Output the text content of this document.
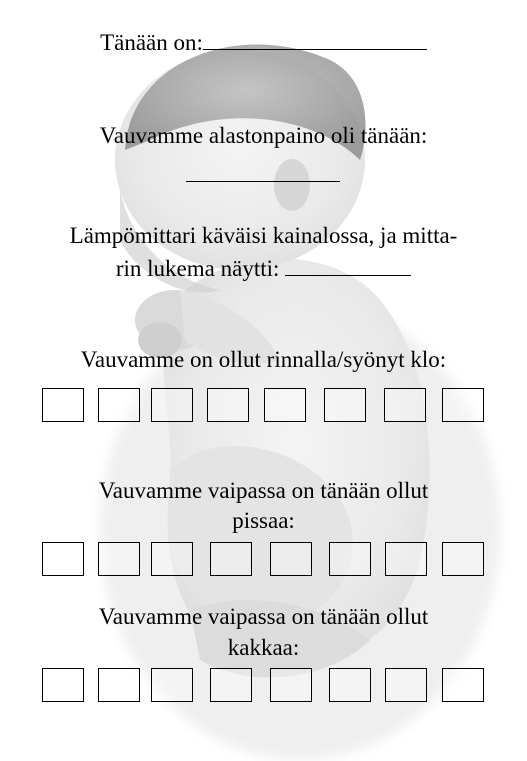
Tänään on:
Vauvamme alastonpaino oli tänään:
Lämpömittari käväisi kainalossa, ja mitta-
rin lukema näytti:
Vauvamme on ollut rinnalla/syönyt klo:
Vauvamme vaipassa on tänään ollut
pissaa:
Vauvamme vaipassa on tänään ollut
kakkaa:
